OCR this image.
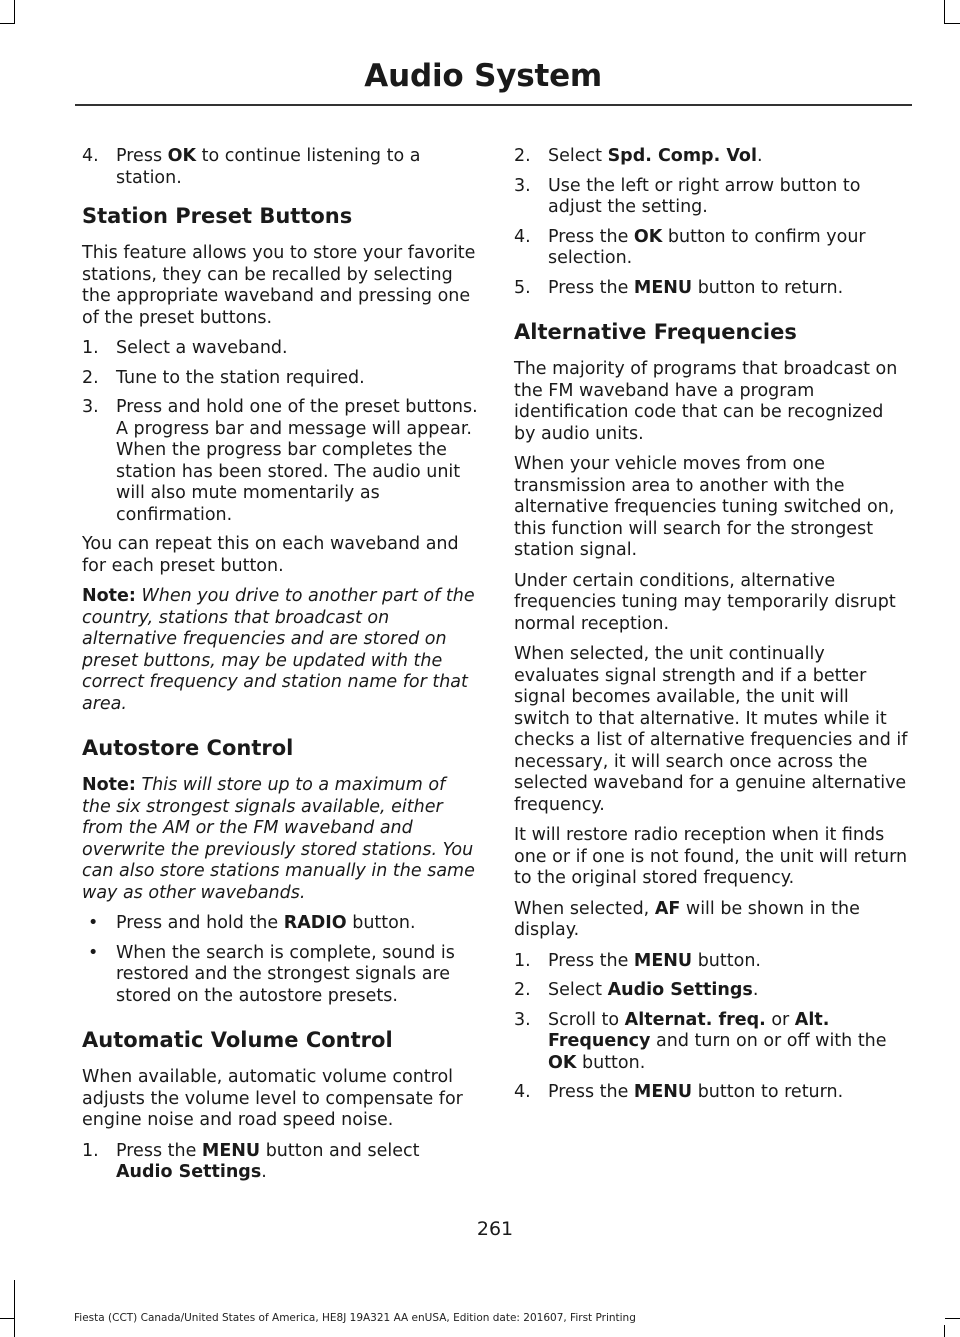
Audio System
4. Press OK to continue listening to a station.
Station Preset Buttons

This feature allows you to store your favorite stations, they can be recalled by selecting the appropriate waveband and pressing one of the preset buttons.

1. Select a waveband.
2. Tune to the station required.
3. Press and hold one of the preset buttons. A progress bar and message will appear. When the progress bar completes the station has been stored. The audio unit will also mute momentarily as confirmation.

You can repeat this on each waveband and for each preset button.

Note: When you drive to another part of the country, stations that broadcast on alternative frequencies and are stored on preset buttons, may be updated with the correct frequency and station name for that area.

Autostore Control

Note: This will store up to a maximum of the six strongest signals available, either from the AM or the FM waveband and overwrite the previously stored stations. You can also store stations manually in the same way as other wavebands.

• Press and hold the RADIO button.
• When the search is complete, sound is restored and the strongest signals are stored on the autostore presets.
Automatic Volume Control

When available, automatic volume control adjusts the volume level to compensate for engine noise and road speed noise.

1. Press the MENU button and select Audio Settings.
2. Select Spd. Comp. Vol.
3. Use the left or right arrow button to adjust the setting.
4. Press the OK button to confirm your selection.
5. Press the MENU button to return.
Alternative Frequencies

The majority of programs that broadcast on the FM waveband have a program identification code that can be recognized by audio units.

When your vehicle moves from one transmission area to another with the alternative frequencies tuning switched on, this function will search for the strongest station signal.

Under certain conditions, alternative frequencies tuning may temporarily disrupt normal reception.

When selected, the unit continually evaluates signal strength and if a better signal becomes available, the unit will switch to that alternative. It mutes while it checks a list of alternative frequencies and if necessary, it will search once across the selected waveband for a genuine alternative frequency.

It will restore radio reception when it finds one or if one is not found, the unit will return to the original stored frequency.

When selected, AF will be shown in the display.

1. Press the MENU button.
2. Select Audio Settings.
3. Scroll to Alternat. freq. or Alt. Frequency and turn on or off with the OK button.
4. Press the MENU button to return.
261
Fiesta (CCT) Canada/United States of America, HE8J 19A321 AA enUSA, Edition date: 201607, First Printing
